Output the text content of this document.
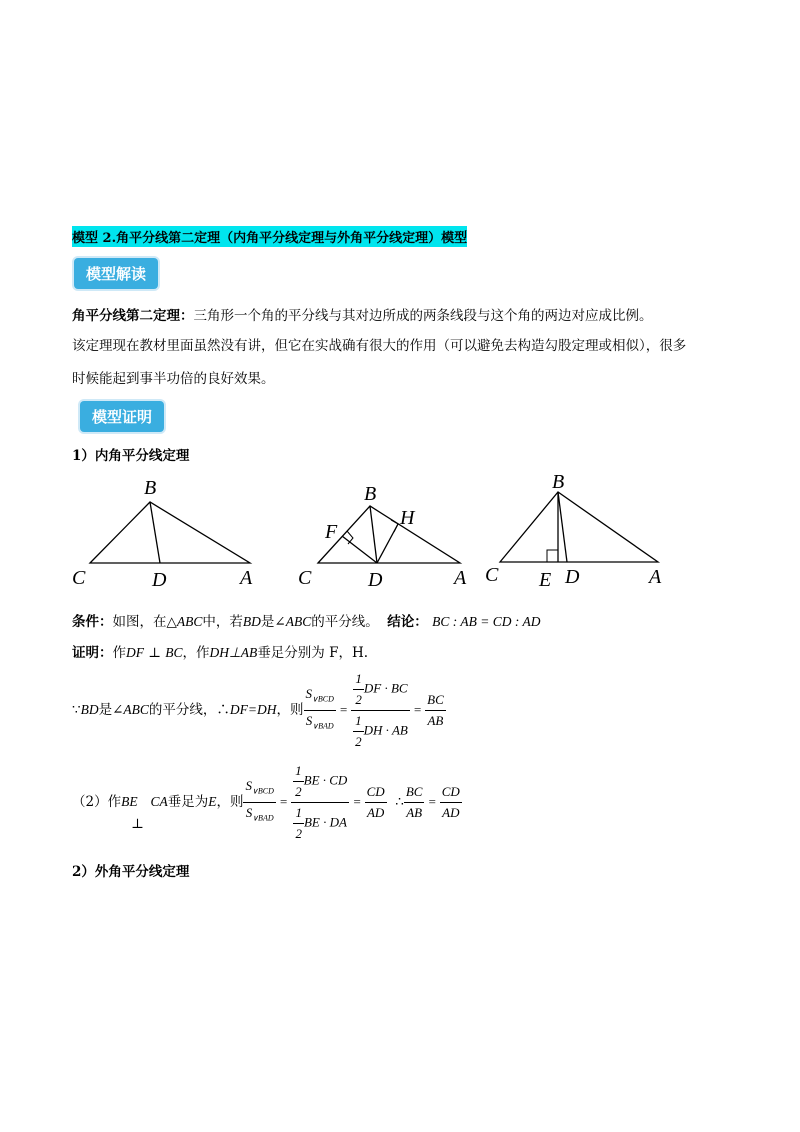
模型 2.角平分线第二定理（内角平分线定理与外角平分线定理）模型
模型解读
角平分线第二定理：三角形一个角的平分线与其对边所成的两条线段与这个角的两边对应成比例。
该定理现在教材里面虽然没有讲，但它在实战确有很大的作用（可以避免去构造勾股定理或相似），很多
时候能起到事半功倍的良好效果。
模型证明
1）内角平分线定理
B
C	D	A
B
F
H
C	D	A
B
C E D	A
条件：如图，在△ABC中，若BD是∠ABC的平分线。 结论： BC : AB = CD : AD
证明：作DF ⊥ BC，作DH⊥AB垂足分别为 F，H.
∵ BD 是∠ ABC 的平分线，∴ DF=DH ，则 $\frac{S_{\vee BCD}}{S_{\vee BAD}} = \frac{\frac{1}{2} DF \cdot BC}{\frac{1}{2} DH \cdot AB} = \frac{BC}{AB}$
（2）作 BE CA
⊥
垂足为 E ，则 $\frac{S_{\vee BCD}}{S_{\vee BAD}} = \frac{\frac{1}{2} BE \cdot CD}{\frac{1}{2} BE \cdot DA} = \frac{CD}{AD}$
∴ $\frac{BC}{AB} = \frac{CD}{AD}$
2）外角平分线定理
